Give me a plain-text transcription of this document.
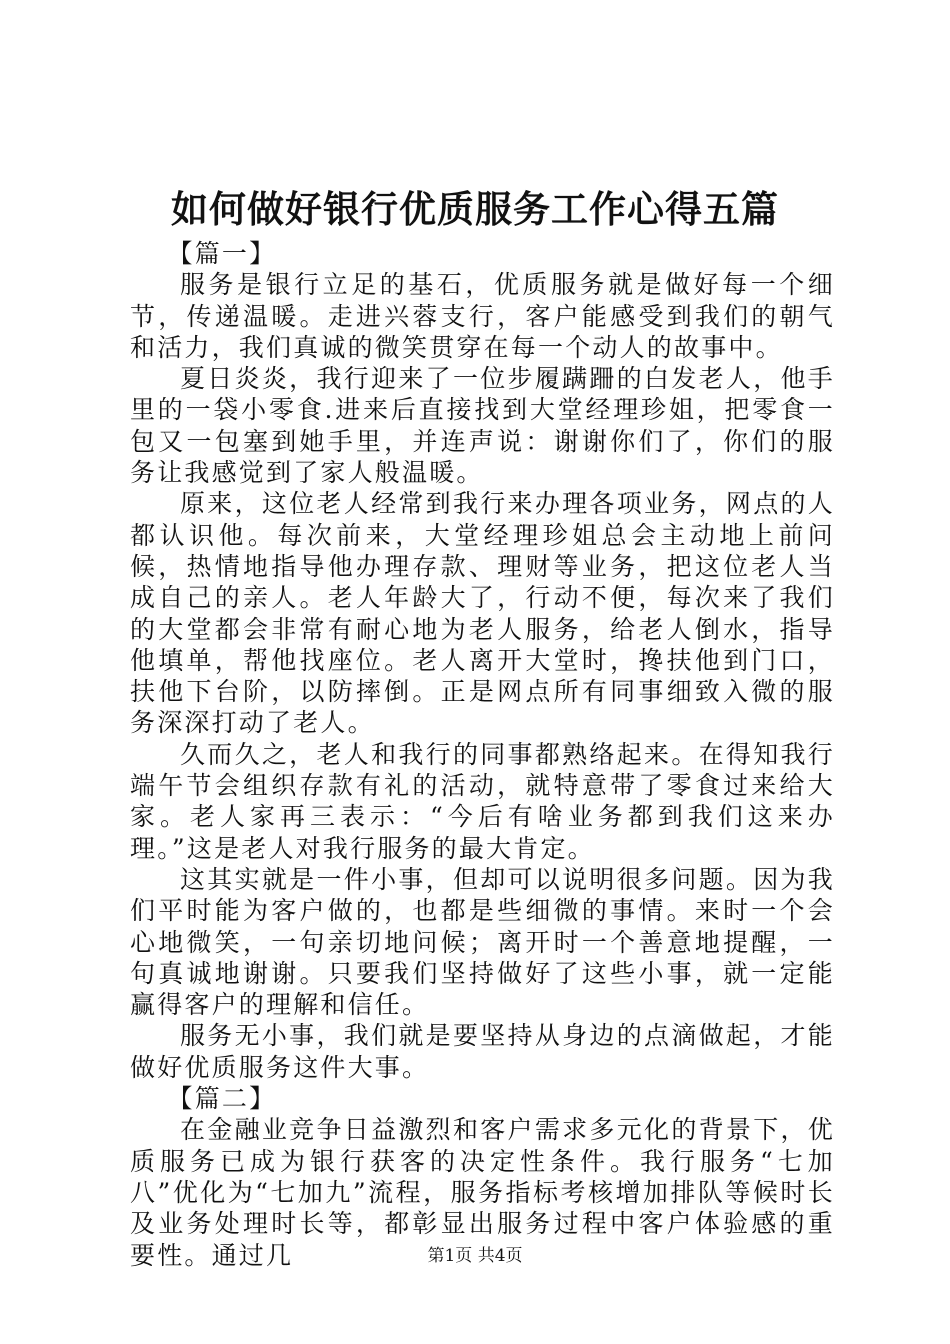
如何做好银行优质服务工作心得五篇

【篇一】

服务是银行立足的基石，优质服务就是做好每一个细节，传递温暖。走进兴蓉支行，客户能感受到我们的朝气和活力，我们真诚的微笑贯穿在每一个动人的故事中。

夏日炎炎，我行迎来了一位步履蹒跚的白发老人，他手里的一袋小零食.进来后直接找到大堂经理珍姐，把零食一包又一包塞到她手里，并连声说：谢谢你们了，你们的服务让我感觉到了家人般温暖。

原来，这位老人经常到我行来办理各项业务，网点的人都认识他。每次前来，大堂经理珍姐总会主动地上前问候，热情地指导他办理存款、理财等业务，把这位老人当成自己的亲人。老人年龄大了，行动不便，每次来了我们的大堂都会非常有耐心地为老人服务，给老人倒水，指导他填单，帮他找座位。老人离开大堂时，搀扶他到门口，扶他下台阶，以防摔倒。正是网点所有同事细致入微的服务深深打动了老人。

久而久之，老人和我行的同事都熟络起来。在得知我行端午节会组织存款有礼的活动，就特意带了零食过来给大家。老人家再三表示：“今后有啥业务都到我们这来办理。”这是老人对我行服务的最大肯定。

这其实就是一件小事，但却可以说明很多问题。因为我们平时能为客户做的，也都是些细微的事情。来时一个会心地微笑，一句亲切地问候；离开时一个善意地提醒，一句真诚地谢谢。只要我们坚持做好了这些小事，就一定能赢得客户的理解和信任。

服务无小事，我们就是要坚持从身边的点滴做起，才能做好优质服务这件大事。

【篇二】

在金融业竞争日益激烈和客户需求多元化的背景下，优质服务已成为银行获客的决定性条件。我行服务“七加八”优化为“七加九”流程，服务指标考核增加排队等候时长及业务处理时长等，都彰显出服务过程中客户体验感的重要性。通过几	第1页 共4页
